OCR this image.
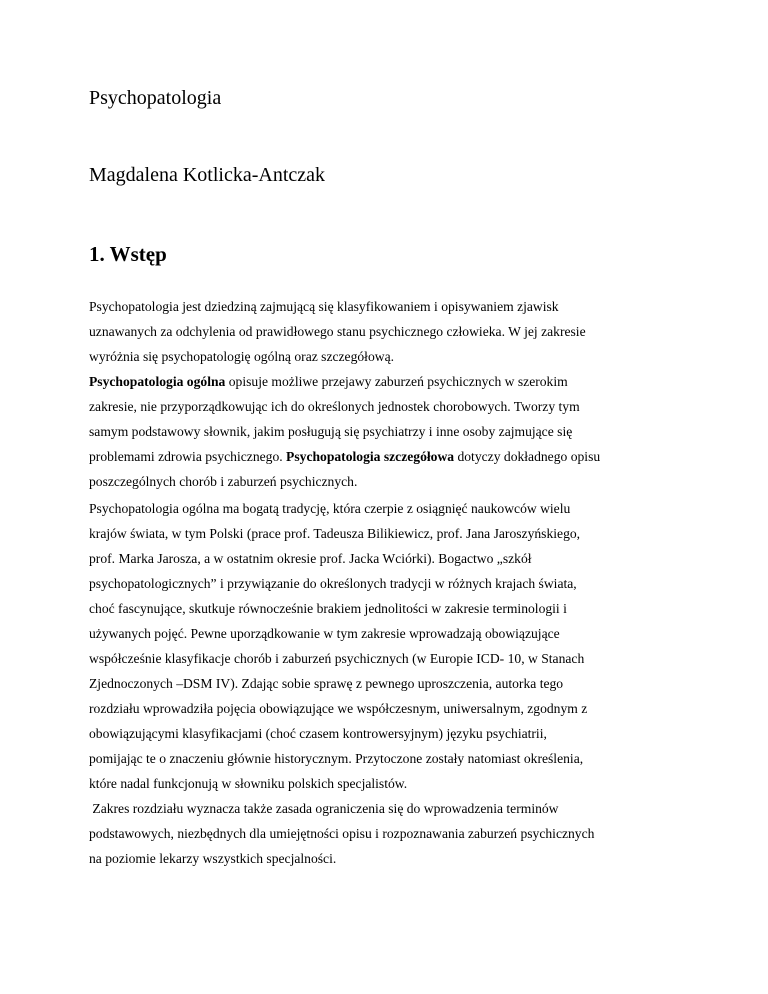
Psychopatologia
Magdalena Kotlicka-Antczak
1. Wstęp
Psychopatologia jest dziedziną zajmującą się klasyfikowaniem i opisywaniem zjawisk
uznawanych za odchylenia od prawidłowego stanu psychicznego człowieka. W jej zakresie
wyróżnia się psychopatologię ogólną oraz szczegółową.
Psychopatologia ogólna opisuje możliwe przejawy zaburzeń psychicznych w szerokim
zakresie, nie przyporządkowując ich do określonych jednostek chorobowych. Tworzy tym
samym podstawowy słownik, jakim posługują się psychiatrzy i inne osoby zajmujące się
problemami zdrowia psychicznego. Psychopatologia szczegółowa dotyczy dokładnego opisu
poszczególnych chorób i zaburzeń psychicznych.
Psychopatologia ogólna ma bogatą tradycję, która czerpie z osiągnięć naukowców wielu
krajów świata, w tym Polski (prace prof. Tadeusza Bilikiewicz, prof. Jana Jaroszyńskiego,
prof. Marka Jarosza, a w ostatnim okresie prof. Jacka Wciórki). Bogactwo „szkół
psychopatologicznych” i przywiązanie do określonych tradycji w różnych krajach świata,
choć fascynujące, skutkuje równocześnie brakiem jednolitości w zakresie terminologii i
używanych pojęć. Pewne uporządkowanie w tym zakresie wprowadzają obowiązujące
współcześnie klasyfikacje chorób i zaburzeń psychicznych (w Europie ICD- 10, w Stanach
Zjednoczonych –DSM IV). Zdając sobie sprawę z pewnego uproszczenia, autorka tego
rozdziału wprowadziła pojęcia obowiązujące we współczesnym, uniwersalnym, zgodnym z
obowiązującymi klasyfikacjami (choć czasem kontrowersyjnym) języku psychiatrii,
pomijając te o znaczeniu głównie historycznym. Przytoczone zostały natomiast określenia,
które nadal funkcjonują w słowniku polskich specjalistów.
Zakres rozdziału wyznacza także zasada ograniczenia się do wprowadzenia terminów
podstawowych, niezbędnych dla umiejętności opisu i rozpoznawania zaburzeń psychicznych
na poziomie lekarzy wszystkich specjalności.
